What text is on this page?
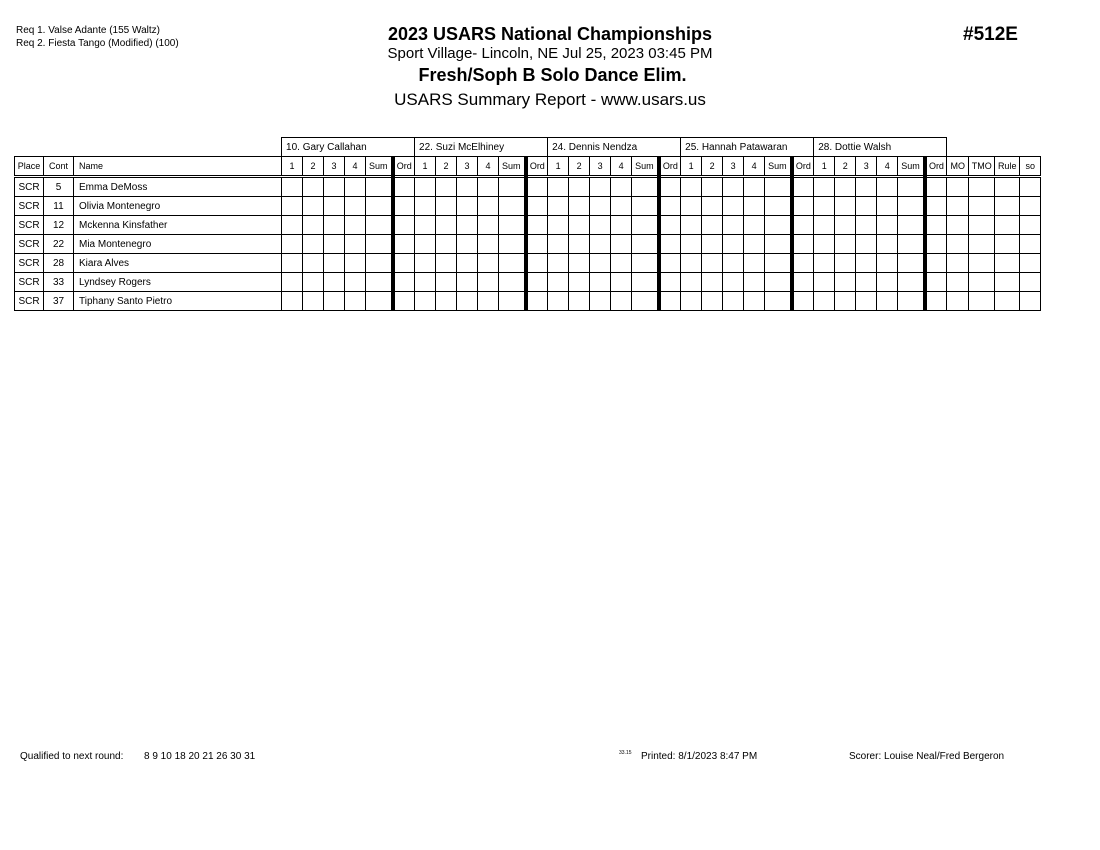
Req 1. Valse Adante (155 Waltz)
Req 2. Fiesta Tango (Modified) (100)	2023 USARS National Championships
Sport Village- Lincoln, NE Jul 25, 2023 03:45 PM
Fresh/Soph B Solo Dance Elim.
USARS Summary Report - www.usars.us
#512E
			10. Gary Callahan						22. Suzi McElhiney						24. Dennis Nendza						25. Hannah Patawaran						28. Dottie Walsh									
Place	Cont	Name	1	2	3	4	Sum	Ord	1	2	3	4	Sum	Ord	1	2	3	4	Sum	Ord	1	2	3	4	Sum	Ord	1	2	3	4	Sum	Ord	MO	TMO	Rule	so
SCR	5	Emma DeMoss																																		
SCR	11	Olivia Montenegro																																		
SCR	12	Mckenna Kinsfather																																		
SCR	22	Mia Montenegro																																		
SCR	28	Kiara Alves																																		
SCR	33	Lyndsey Rogers																																		
SCR	37	Tiphany Santo Pietro																																		
Qualified to next round: 8 9 10 18 20 21 26 30 31	33.15 Printed: 8/1/2023 8:47 PM	Scorer: Louise Neal/Fred Bergeron
